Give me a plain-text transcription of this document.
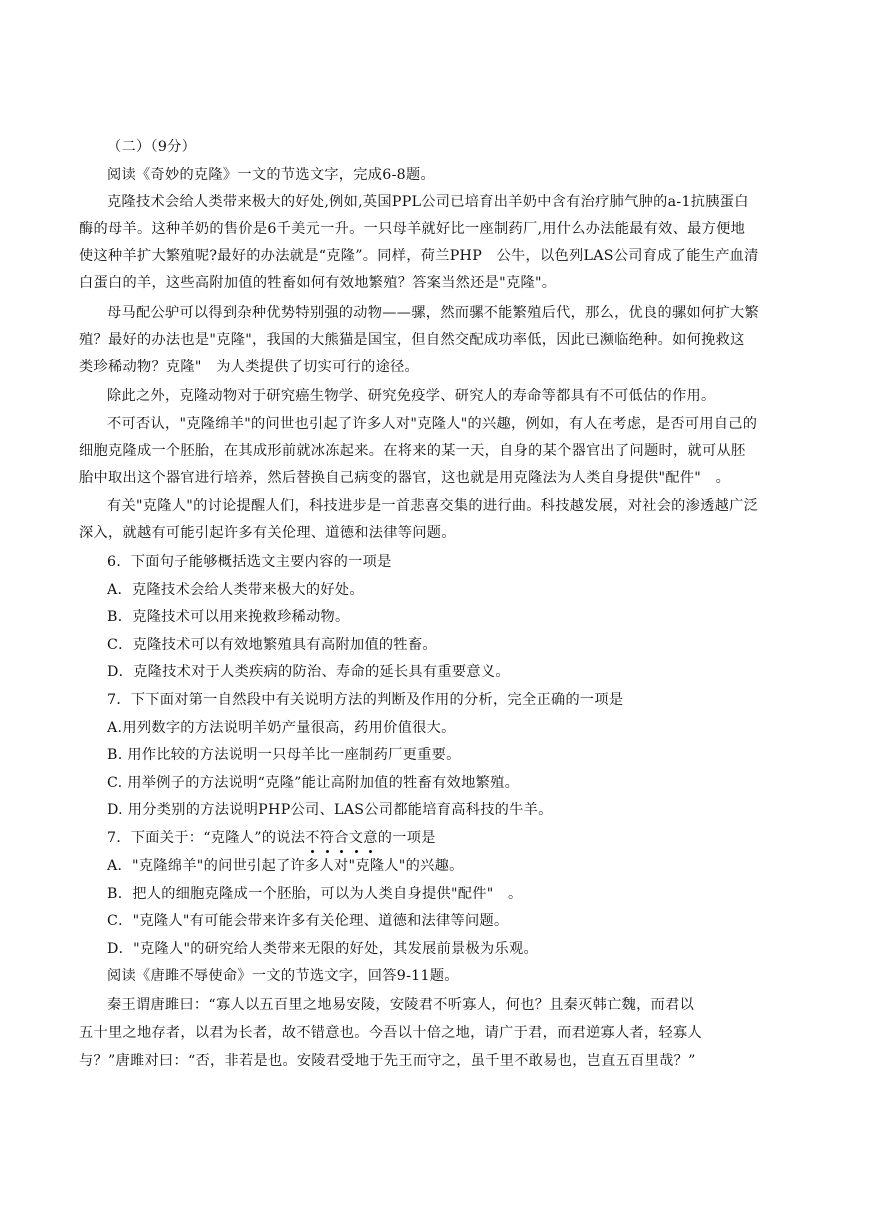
（二）（9分）
阅读《奇妙的克隆》一文的节选文字，完成6-8题。
克隆技术会给人类带来极大的好处,例如,英国PPL公司已培育出羊奶中含有治疗肺气肿的a-1抗胰蛋白
酶的母羊。这种羊奶的售价是6千美元一升。一只母羊就好比一座制药厂,用什么办法能最有效、最方便地
使这种羊扩大繁殖呢?最好的办法就是“克隆”。同样，荷兰PHP　公牛，以色列LAS公司育成了能生产血清
白蛋白的羊，这些高附加值的牲畜如何有效地繁殖？答案当然还是"克隆"。
母马配公驴可以得到杂种优势特别强的动物——骡，然而骡不能繁殖后代，那么，优良的骡如何扩大繁
殖？最好的办法也是"克隆"，我国的大熊猫是国宝，但自然交配成功率低，因此已濒临绝种。如何挽救这
类珍稀动物？克隆"　为人类提供了切实可行的途径。
除此之外，克隆动物对于研究癌生物学、研究免疫学、研究人的寿命等都具有不可低估的作用。
不可否认，"克隆绵羊"的问世也引起了许多人对"克隆人"的兴趣，例如，有人在考虑，是否可用自己的
细胞克隆成一个胚胎，在其成形前就冰冻起来。在将来的某一天，自身的某个器官出了问题时，就可从胚
胎中取出这个器官进行培养，然后替换自己病变的器官，这也就是用克隆法为人类自身提供"配件"　。
有关"克隆人"的讨论提醒人们，科技进步是一首悲喜交集的进行曲。科技越发展，对社会的渗透越广泛
深入，就越有可能引起许多有关伦理、道德和法律等问题。
6．下面句子能够概括选文主要内容的一项是
A．克隆技术会给人类带来极大的好处。
B．克隆技术可以用来挽救珍稀动物。
C．克隆技术可以有效地繁殖具有高附加值的牲畜。
D．克隆技术对于人类疾病的防治、寿命的延长具有重要意义。
7．下下面对第一自然段中有关说明方法的判断及作用的分析，完全正确的一项是
A.用列数字的方法说明羊奶产量很高，药用价值很大。
B. 用作比较的方法说明一只母羊比一座制药厂更重要。
C. 用举例子的方法说明“克隆”能让高附加值的牲畜有效地繁殖。
D. 用分类别的方法说明PHP公司、LAS公司都能培育高科技的牛羊。
7．下面关于：“克隆人”的说法不符合文意的一项是
A．"克隆绵羊"的问世引起了许多人对"克隆人"的兴趣。
B．把人的细胞克隆成一个胚胎，可以为人类自身提供"配件"　。
C．"克隆人"有可能会带来许多有关伦理、道德和法律等问题。
D．"克隆人"的研究给人类带来无限的好处，其发展前景极为乐观。
阅读《唐雎不辱使命》一文的节选文字，回答9-11题。
秦王谓唐雎曰：“寡人以五百里之地易安陵，安陵君不听寡人，何也？且秦灭韩亡魏，而君以
五十里之地存者，以君为长者，故不错意也。今吾以十倍之地，请广于君，而君逆寡人者，轻寡人
与？”唐雎对曰：“否，非若是也。安陵君受地于先王而守之，虽千里不敢易也，岂直五百里哉？”
